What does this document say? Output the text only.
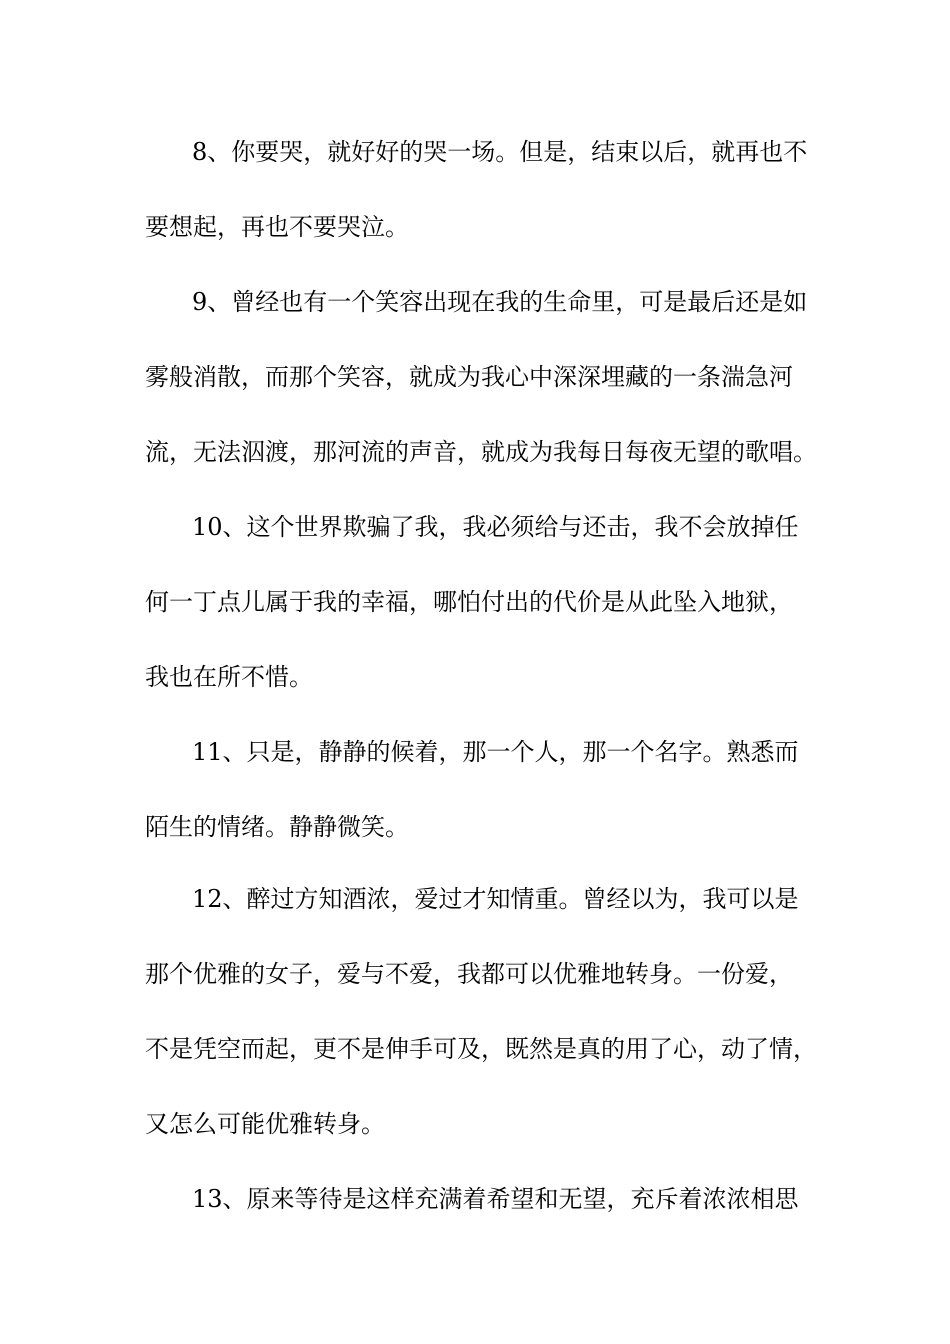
8、你要哭，就好好的哭一场。但是，结束以后，就再也不
要想起，再也不要哭泣。
9、曾经也有一个笑容出现在我的生命里，可是最后还是如
雾般消散，而那个笑容，就成为我心中深深埋藏的一条湍急河
流，无法泅渡，那河流的声音，就成为我每日每夜无望的歌唱。
10、这个世界欺骗了我，我必须给与还击，我不会放掉任
何一丁点儿属于我的幸福，哪怕付出的代价是从此坠入地狱，
我也在所不惜。
11、只是，静静的候着，那一个人，那一个名字。熟悉而
陌生的情绪。静静微笑。
12、醉过方知酒浓，爱过才知情重。曾经以为，我可以是
那个优雅的女子，爱与不爱，我都可以优雅地转身。一份爱，
不是凭空而起，更不是伸手可及，既然是真的用了心，动了情，
又怎么可能优雅转身。
13、原来等待是这样充满着希望和无望，充斥着浓浓相思
